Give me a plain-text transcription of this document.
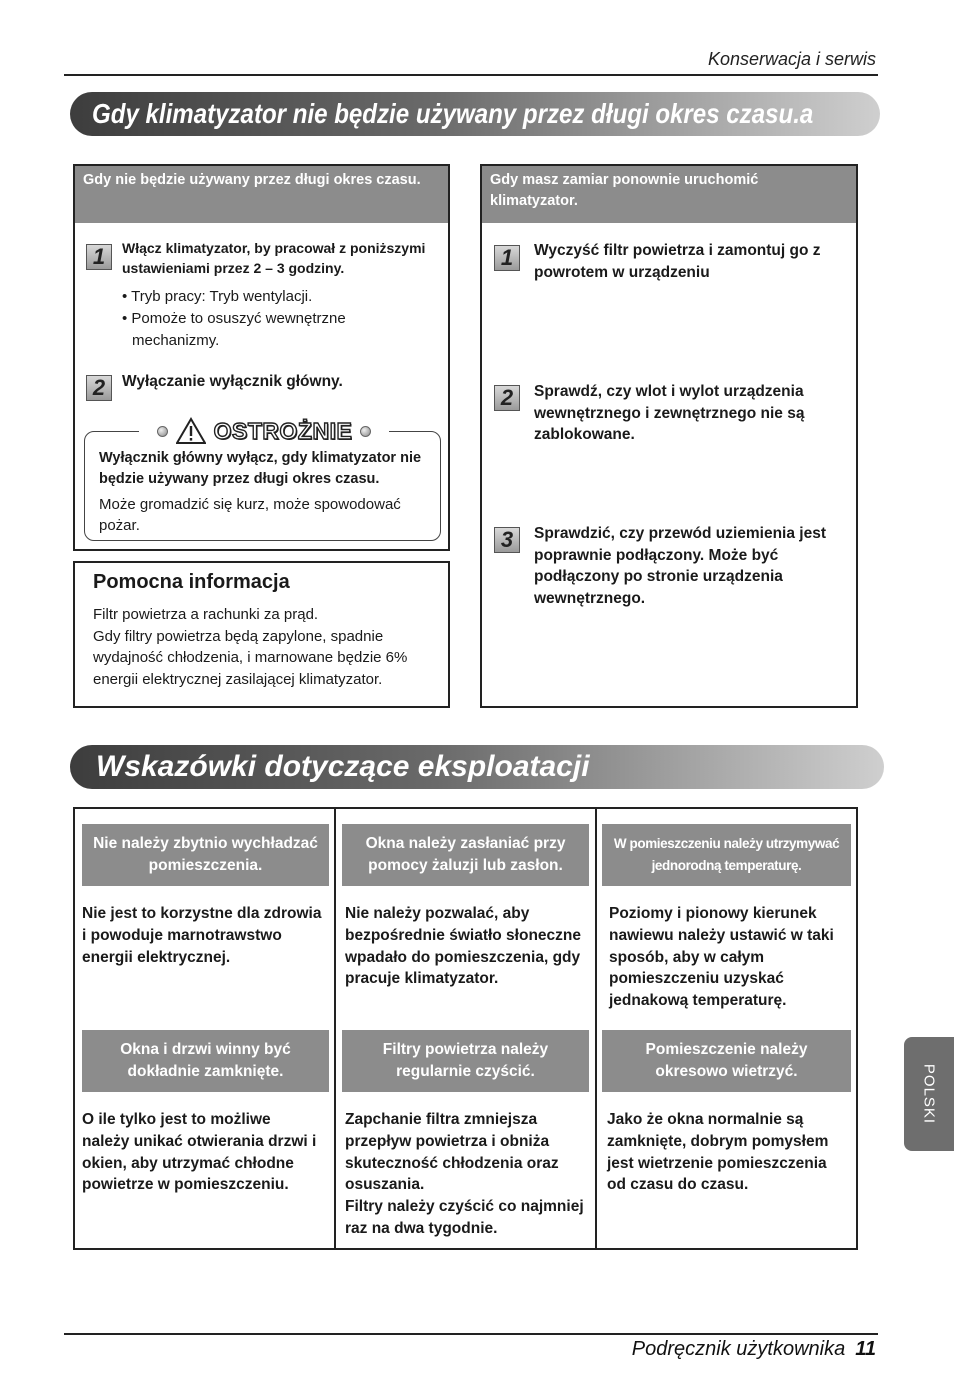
Konserwacja i serwis
Gdy klimatyzator nie będzie używany przez długi okres czasu.a
Gdy nie będzie używany przez długi okres czasu.
1	Włącz klimatyzator, by pracował z poniższymi ustawieniami przez 2 – 3 godziny.
• Tryb pracy: Tryb wentylacji.
• Pomoże to osuszyć wewnętrzne mechanizmy.
2	Wyłączanie wyłącznik główny.
Wyłącznik główny wyłącz, gdy klimatyzator nie będzie używany przez długi okres czasu.
Może gromadzić się kurz, może spowodować pożar.
OSTROŻNIE
Pomocna informacja
Filtr powietrza a rachunki za prąd.
Gdy filtry powietrza będą zapylone, spadnie wydajność chłodzenia, i marnowane będzie 6% energii elektrycznej zasilającej klimatyzator.
Gdy masz zamiar ponownie uruchomić klimatyzator.
1	Wyczyść filtr powietrza i zamontuj go z powrotem w urządzeniu
2	Sprawdź, czy wlot i wylot urządzenia wewnętrznego i zewnętrznego nie są zablokowane.
3	Sprawdzić, czy przewód uziemienia jest poprawnie podłączony. Może być podłączony po stronie urządzenia wewnętrznego.
Wskazówki dotyczące eksploatacji
Nie należy zbytnio wychładzać pomieszczenia.
Nie jest to korzystne dla zdrowia i powoduje marnotrawstwo energii elektrycznej.
Okna należy zasłaniać przy pomocy żaluzji lub zasłon.
Nie należy pozwalać, aby bezpośrednie światło słoneczne wpadało do pomieszczenia, gdy pracuje klimatyzator.
W pomieszczeniu należy utrzymywać jednorodną temperaturę.
Poziomy i pionowy kierunek nawiewu należy ustawić w taki sposób, aby w całym pomieszczeniu uzyskać jednakową temperaturę.
Okna i drzwi winny być dokładnie zamknięte.
O ile tylko jest to możliwe należy unikać otwierania drzwi i okien, aby utrzymać chłodne powietrze w pomieszczeniu.
Filtry powietrza należy regularnie czyścić.
Zapchanie filtra zmniejsza przepływ powietrza i obniża skuteczność chłodzenia oraz osuszania.
Filtry należy czyścić co najmniej raz na dwa tygodnie.
Pomieszczenie należy okresowo wietrzyć.
Jako że okna normalnie są zamknięte, dobrym pomysłem jest wietrzenie pomieszczenia od czasu do czasu.
POLSKI
Podręcznik użytkownika 11
